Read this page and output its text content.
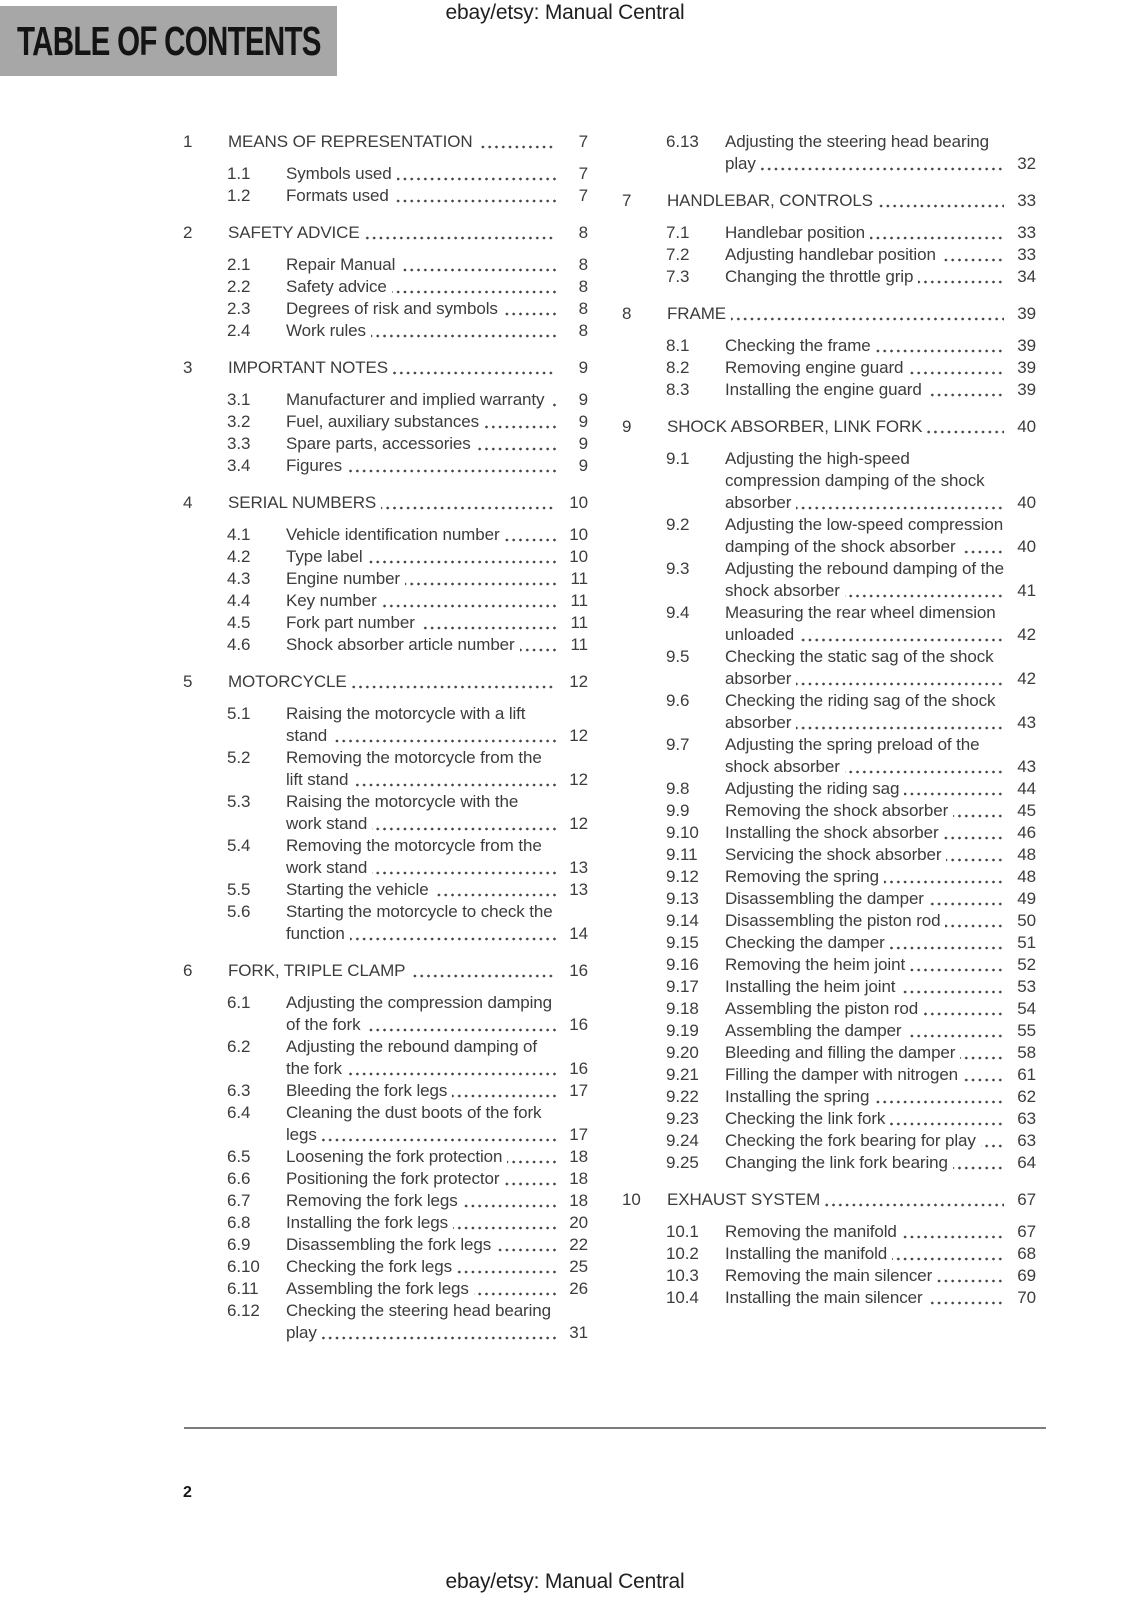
ebay/etsy: Manual Central
TABLE OF CONTENTS
1	MEANS OF REPRESENTATION	7
1.1	Symbols used	7
1.2	Formats used	7
2	SAFETY ADVICE	8
2.1	Repair Manual	8
2.2	Safety advice	8
2.3	Degrees of risk and symbols	8
2.4	Work rules	8
3	IMPORTANT NOTES	9
3.1	Manufacturer and implied warranty	9
3.2	Fuel, auxiliary substances	9
3.3	Spare parts, accessories	9
3.4	Figures	9
4	SERIAL NUMBERS	10
4.1	Vehicle identification number	10
4.2	Type label	10
4.3	Engine number	11
4.4	Key number	11
4.5	Fork part number	11
4.6	Shock absorber article number	11
5	MOTORCYCLE	12
5.1	Raising the motorcycle with a lift stand	12
5.2	Removing the motorcycle from the lift stand	12
5.3	Raising the motorcycle with the work stand	12
5.4	Removing the motorcycle from the work stand	13
5.5	Starting the vehicle	13
5.6	Starting the motorcycle to check the function	14
6	FORK, TRIPLE CLAMP	16
6.1	Adjusting the compression damping of the fork	16
6.2	Adjusting the rebound damping of the fork	16
6.3	Bleeding the fork legs	17
6.4	Cleaning the dust boots of the fork legs	17
6.5	Loosening the fork protection	18
6.6	Positioning the fork protector	18
6.7	Removing the fork legs	18
6.8	Installing the fork legs	20
6.9	Disassembling the fork legs	22
6.10	Checking the fork legs	25
6.11	Assembling the fork legs	26
6.12	Checking the steering head bearing play	31
6.13	Adjusting the steering head bearing play	32
7	HANDLEBAR, CONTROLS	33
7.1	Handlebar position	33
7.2	Adjusting handlebar position	33
7.3	Changing the throttle grip	34
8	FRAME	39
8.1	Checking the frame	39
8.2	Removing engine guard	39
8.3	Installing the engine guard	39
9	SHOCK ABSORBER, LINK FORK	40
9.1	Adjusting the high-speed compression damping of the shock absorber	40
9.2	Adjusting the low-speed compression damping of the shock absorber	40
9.3	Adjusting the rebound damping of the shock absorber	41
9.4	Measuring the rear wheel dimension unloaded	42
9.5	Checking the static sag of the shock absorber	42
9.6	Checking the riding sag of the shock absorber	43
9.7	Adjusting the spring preload of the shock absorber	43
9.8	Adjusting the riding sag	44
9.9	Removing the shock absorber	45
9.10	Installing the shock absorber	46
9.11	Servicing the shock absorber	48
9.12	Removing the spring	48
9.13	Disassembling the damper	49
9.14	Disassembling the piston rod	50
9.15	Checking the damper	51
9.16	Removing the heim joint	52
9.17	Installing the heim joint	53
9.18	Assembling the piston rod	54
9.19	Assembling the damper	55
9.20	Bleeding and filling the damper	58
9.21	Filling the damper with nitrogen	61
9.22	Installing the spring	62
9.23	Checking the link fork	63
9.24	Checking the fork bearing for play	63
9.25	Changing the link fork bearing	64
10	EXHAUST SYSTEM	67
10.1	Removing the manifold	67
10.2	Installing the manifold	68
10.3	Removing the main silencer	69
10.4	Installing the main silencer	70
2
ebay/etsy: Manual Central
